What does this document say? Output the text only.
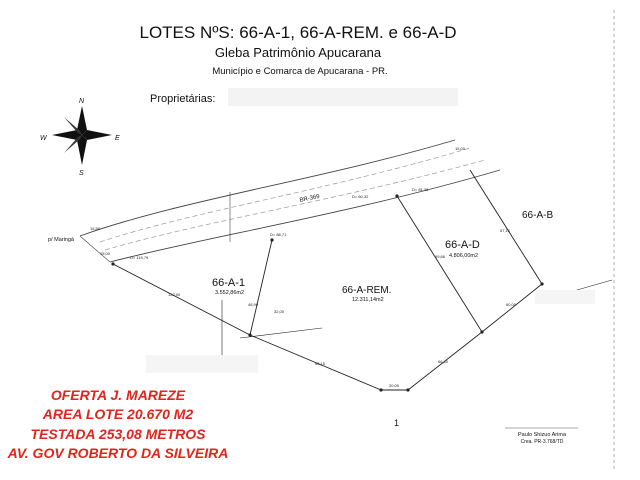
LOTES NºS: 66-A-1, 66-A-REM. e 66-A-D
Gleba Patrimônio Apucarana
Município e Comarca de Apucarana - PR.
Proprietárias:
N
S
E
W
BR-369
p/ Maringá
D= 119,79
D= 60,32
D= 81,35
15,50
15,00
15,00
122,00
62,15
20,00
66,40
60,00
69,66
57,16
32,00
D= 88,71
48,99
66-A-1
3.552,86m2	66-A-REM.
12.311,14m2
66-A-D
4.806,00m2
66-A-B
1
OFERTA J. MAREZE
AREA LOTE 20.670 M2
TESTADA 253,08 METROS
AV. GOV ROBERTO DA SILVEIRA
Paulo Shizuo Arima
Crea. PR-3.768/TD
